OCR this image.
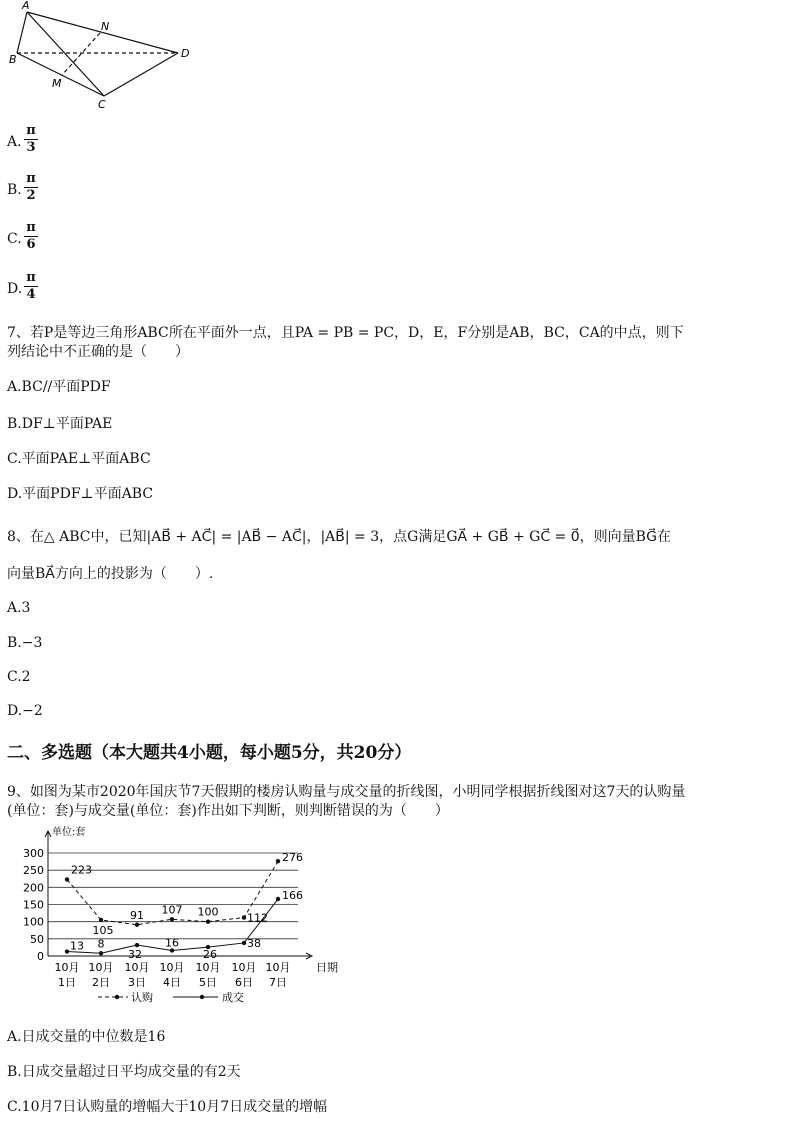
A
B
C
D
M
N
A.
π
3
B.
π
2
C.
π
6
D.
π
4
7、若P是等边三角形ABC所在平面外一点，且PA = PB = PC，D，E，F分别是AB，BC，CA的中点，则下
列结论中不正确的是（　　）
A.BC//平面PDF
B.DF⊥平面PAE
C.平面PAE⊥平面ABC
D.平面PDF⊥平面ABC
8、在△ ABC中，已知|AB⃗ + AC⃗| = |AB⃗ − AC⃗|，|AB⃗| = 3，点G满足GA⃗ + GB⃗ + GC⃗ = 0⃗，则向量BG⃗在
向量BA⃗方向上的投影为（　　）.
A.3
B.−3
C.2
D.−2
二、多选题（本大题共4小题，每小题5分，共20分）
9、如图为某市2020年国庆节7天假期的楼房认购量与成交量的折线图，小明同学根据折线图对这7天的认购量
(单位：套)与成交量(单位：套)作出如下判断，则判断错误的为（　　）
0
50
100
150
200
250
300
单位:套
日期
10月
1日
10月
2日
10月
3日
10月
4日
10月
5日
10月
6日
10月
7日
223
105
91 107 100	112
276
13 8
32
16
26
38
166
认购	成交
A.日成交量的中位数是16
B.日成交量超过日平均成交量的有2天
C.10月7日认购量的增幅大于10月7日成交量的增幅
